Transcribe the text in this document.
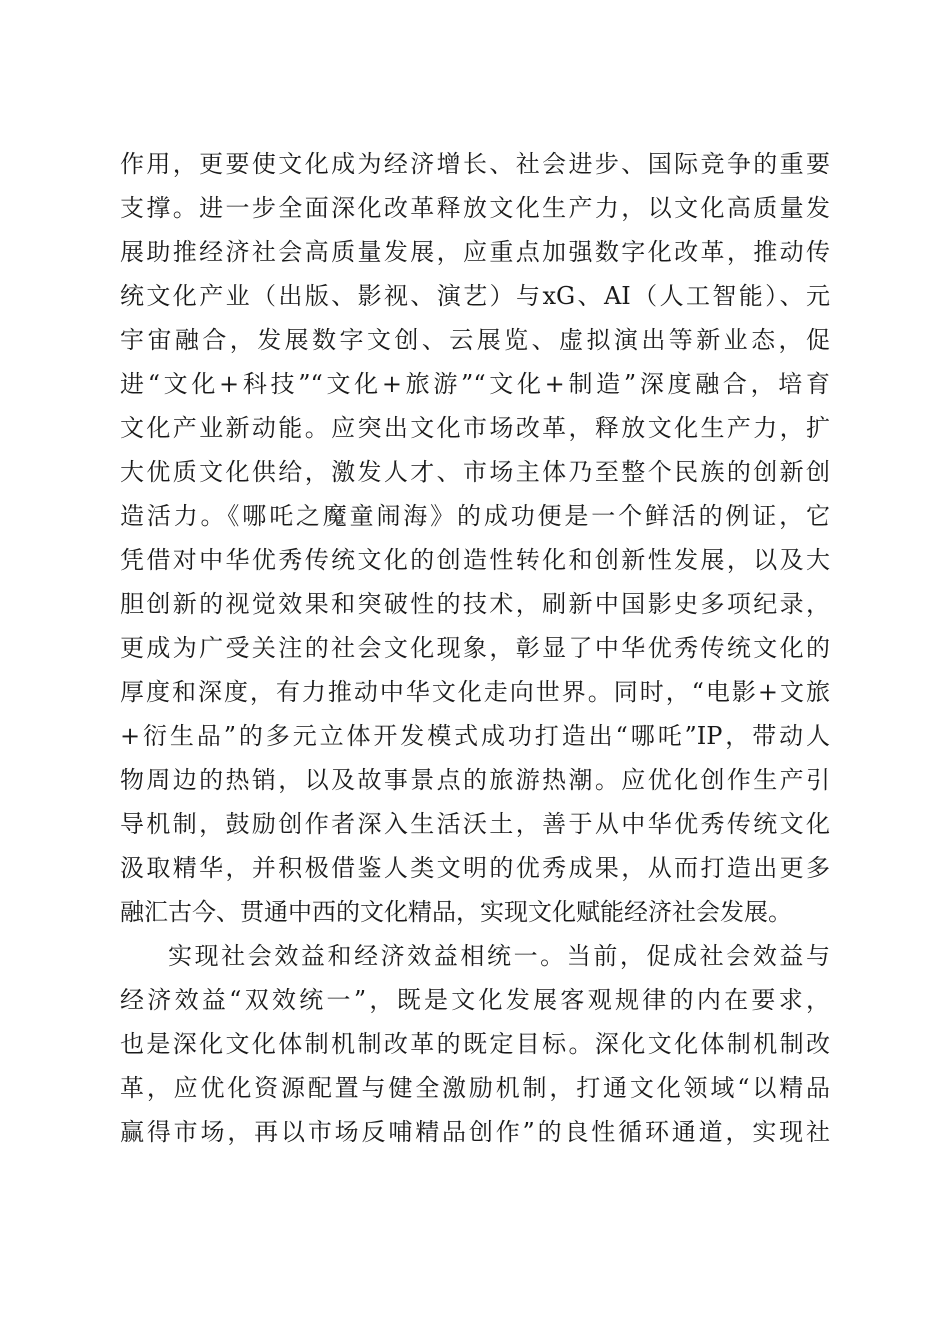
作用，更要使文化成为经济增长、社会进步、国际竞争的重要
支撑。进一步全面深化改革释放文化生产力，以文化高质量发
展助推经济社会高质量发展，应重点加强数字化改革，推动传
统文化产业（出版、影视、演艺）与xG、AI（人工智能）、元
宇宙融合，发展数字文创、云展览、虚拟演出等新业态，促
进“文化+科技”“文化+旅游”“文化+制造”深度融合，培育
文化产业新动能。应突出文化市场改革，释放文化生产力，扩
大优质文化供给，激发人才、市场主体乃至整个民族的创新创
造活力。《哪吒之魔童闹海》的成功便是一个鲜活的例证，它
凭借对中华优秀传统文化的创造性转化和创新性发展，以及大
胆创新的视觉效果和突破性的技术，刷新中国影史多项纪录，
更成为广受关注的社会文化现象，彰显了中华优秀传统文化的
厚度和深度，有力推动中华文化走向世界。同时，“电影+文旅
+衍生品”的多元立体开发模式成功打造出“哪吒”IP，带动人
物周边的热销，以及故事景点的旅游热潮。应优化创作生产引
导机制，鼓励创作者深入生活沃土，善于从中华优秀传统文化
汲取精华，并积极借鉴人类文明的优秀成果，从而打造出更多
融汇古今、贯通中西的文化精品，实现文化赋能经济社会发展。
实现社会效益和经济效益相统一。当前，促成社会效益与
经济效益“双效统一”，既是文化发展客观规律的内在要求，
也是深化文化体制机制改革的既定目标。深化文化体制机制改
革，应优化资源配置与健全激励机制，打通文化领域“以精品
赢得市场，再以市场反哺精品创作”的良性循环通道，实现社
